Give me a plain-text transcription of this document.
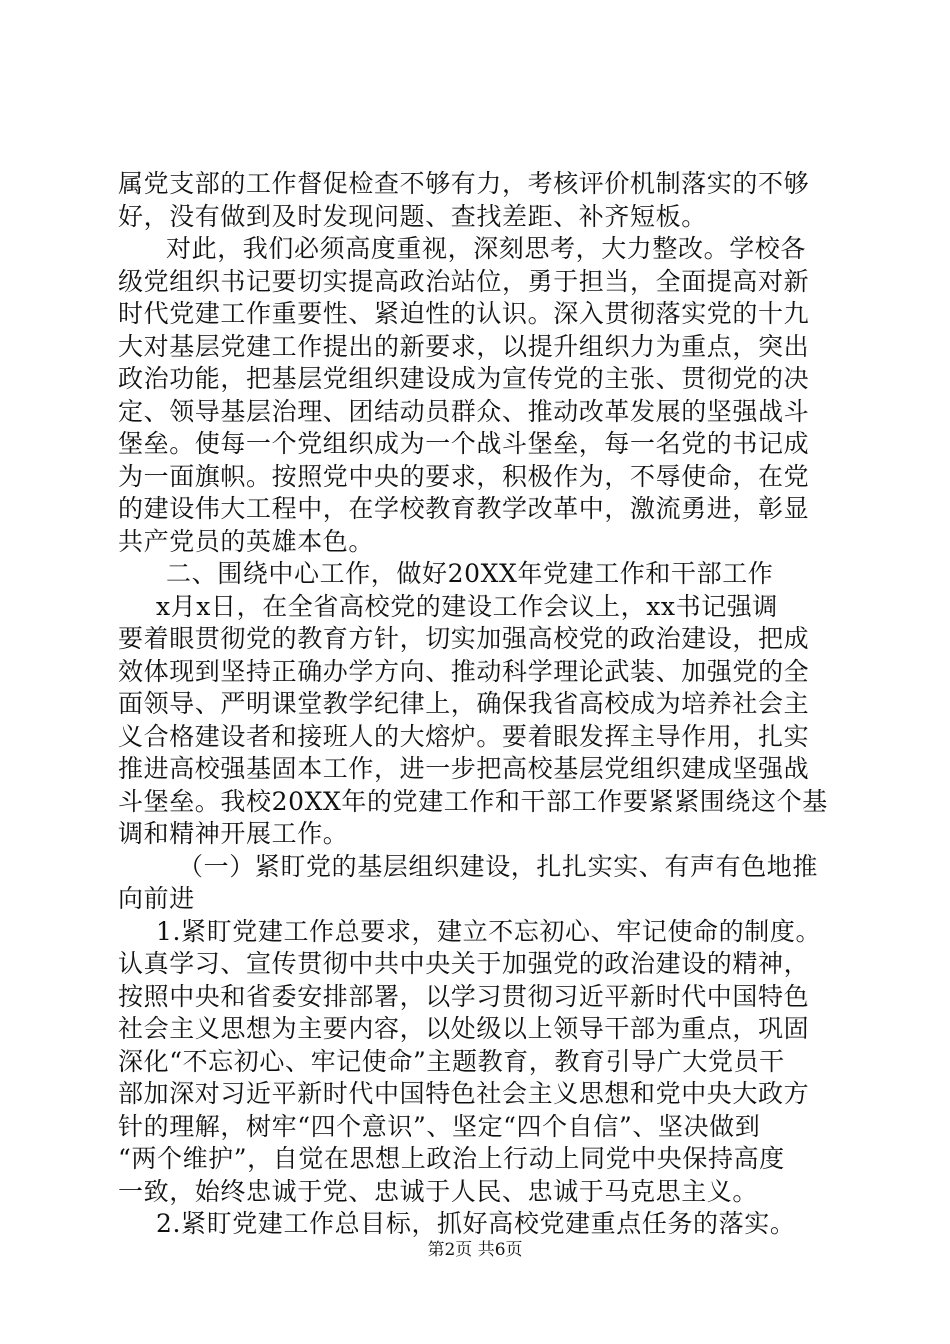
属党支部的工作督促检查不够有力，考核评价机制落实的不够
好，没有做到及时发现问题、查找差距、补齐短板。
对此，我们必须高度重视，深刻思考，大力整改。学校各
级党组织书记要切实提高政治站位，勇于担当，全面提高对新
时代党建工作重要性、紧迫性的认识。深入贯彻落实党的十九
大对基层党建工作提出的新要求，以提升组织力为重点，突出
政治功能，把基层党组织建设成为宣传党的主张、贯彻党的决
定、领导基层治理、团结动员群众、推动改革发展的坚强战斗
堡垒。使每一个党组织成为一个战斗堡垒，每一名党的书记成
为一面旗帜。按照党中央的要求，积极作为，不辱使命，在党
的建设伟大工程中，在学校教育教学改革中，激流勇进，彰显
共产党员的英雄本色。
二、围绕中心工作，做好20XX年党建工作和干部工作
x月x日，在全省高校党的建设工作会议上，xx书记强调
要着眼贯彻党的教育方针，切实加强高校党的政治建设，把成
效体现到坚持正确办学方向、推动科学理论武装、加强党的全
面领导、严明课堂教学纪律上，确保我省高校成为培养社会主
义合格建设者和接班人的大熔炉。要着眼发挥主导作用，扎实
推进高校强基固本工作，进一步把高校基层党组织建成坚强战
斗堡垒。我校20XX年的党建工作和干部工作要紧紧围绕这个基
调和精神开展工作。
（一）紧盯党的基层组织建设，扎扎实实、有声有色地推
向前进
1.紧盯党建工作总要求，建立不忘初心、牢记使命的制度。
认真学习、宣传贯彻中共中央关于加强党的政治建设的精神，
按照中央和省委安排部署，以学习贯彻习近平新时代中国特色
社会主义思想为主要内容，以处级以上领导干部为重点，巩固
深化“不忘初心、牢记使命”主题教育，教育引导广大党员干
部加深对习近平新时代中国特色社会主义思想和党中央大政方
针的理解，树牢“四个意识”、坚定“四个自信”、坚决做到
“两个维护”，自觉在思想上政治上行动上同党中央保持高度
一致，始终忠诚于党、忠诚于人民、忠诚于马克思主义。
2.紧盯党建工作总目标，抓好高校党建重点任务的落实。
第2页 共6页
